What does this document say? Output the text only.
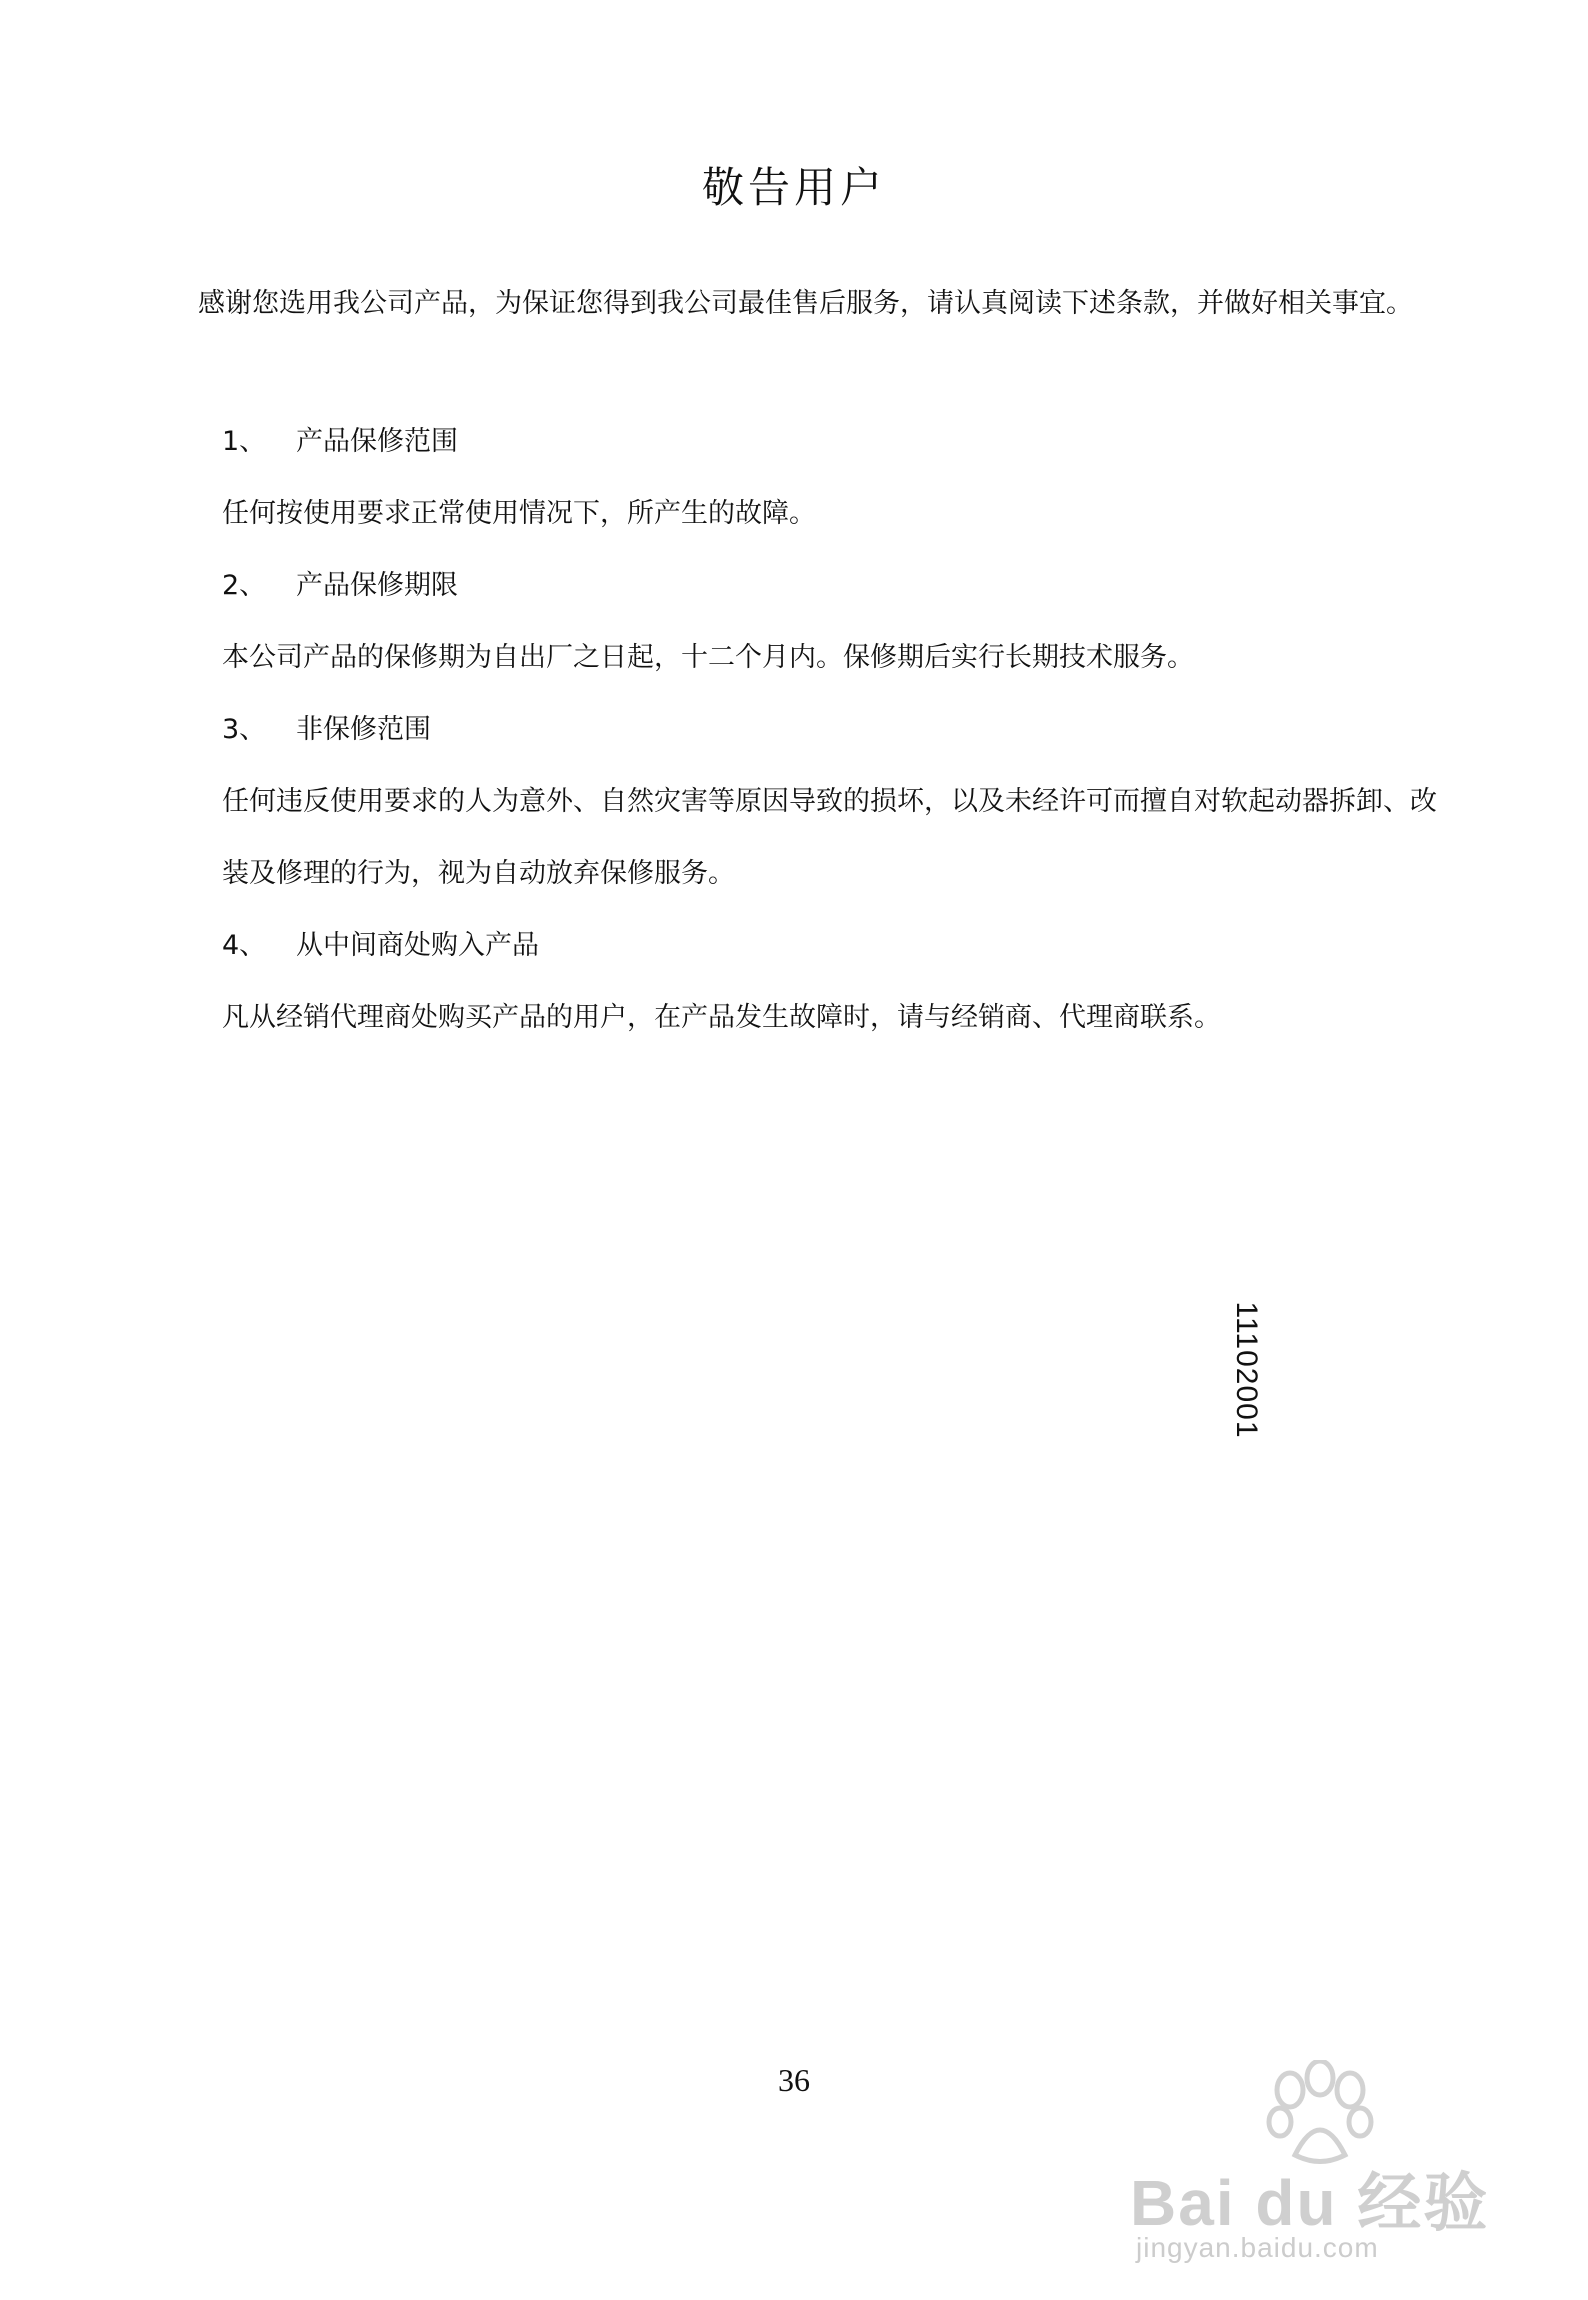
敬告用户
感谢您选用我公司产品，为保证您得到我公司最佳售后服务，请认真阅读下述条款，并做好相关事宜。
1、	产品保修范围
任何按使用要求正常使用情况下，所产生的故障。
2、	产品保修期限
本公司产品的保修期为自出厂之日起，十二个月内。保修期后实行长期技术服务。
3、	非保修范围
任何违反使用要求的人为意外、自然灾害等原因导致的损坏，以及未经许可而擅自对软起动器拆卸、改装及修理的行为，视为自动放弃保修服务。
4、	从中间商处购入产品
凡从经销代理商处购买产品的用户，在产品发生故障时，请与经销商、代理商联系。
11102001
36
Bai du 经验
jingyan.baidu.com
